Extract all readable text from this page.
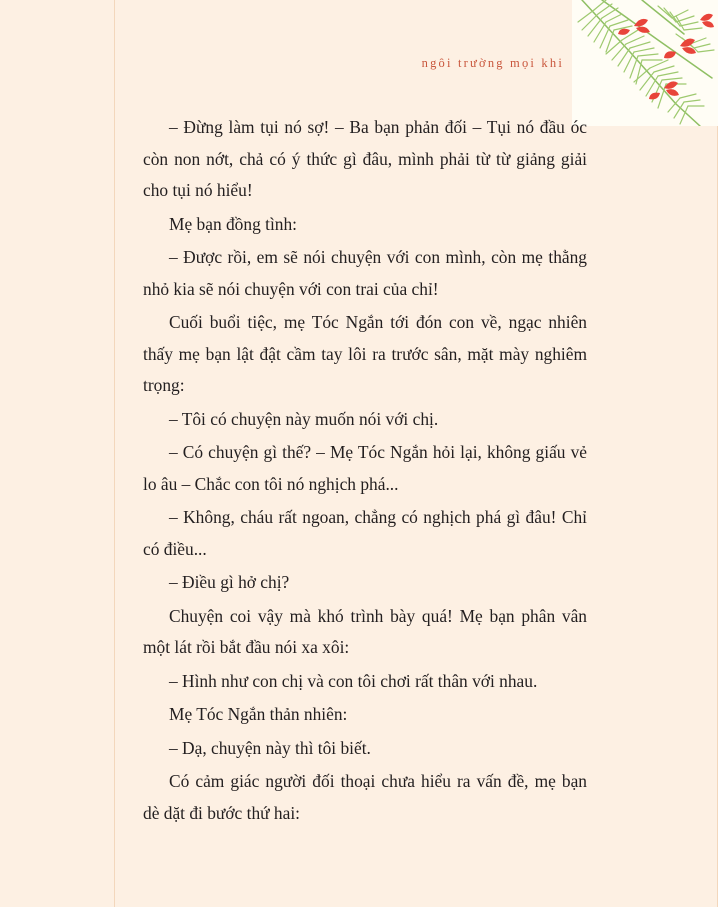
ngôi trường mọi khi

– Đừng làm tụi nó sợ! – Ba bạn phản đối – Tụi nó đầu óc còn non nớt, chả có ý thức gì đâu, mình phải từ từ giảng giải cho tụi nó hiểu!

Mẹ bạn đồng tình:

– Được rồi, em sẽ nói chuyện với con mình, còn mẹ thằng nhỏ kia sẽ nói chuyện với con trai của chỉ!

Cuối buổi tiệc, mẹ Tóc Ngắn tới đón con về, ngạc nhiên thấy mẹ bạn lật đật cầm tay lôi ra trước sân, mặt mày nghiêm trọng:

– Tôi có chuyện này muốn nói với chị.

– Có chuyện gì thế? – Mẹ Tóc Ngắn hỏi lại, không giấu vẻ lo âu – Chắc con tôi nó nghịch phá...

– Không, cháu rất ngoan, chẳng có nghịch phá gì đâu! Chỉ có điều...

– Điều gì hở chị?

Chuyện coi vậy mà khó trình bày quá! Mẹ bạn phân vân một lát rồi bắt đầu nói xa xôi:

– Hình như con chị và con tôi chơi rất thân với nhau.

Mẹ Tóc Ngắn thản nhiên:

– Dạ, chuyện này thì tôi biết.

Có cảm giác người đối thoại chưa hiểu ra vấn đề, mẹ bạn dè dặt đi bước thứ hai:
